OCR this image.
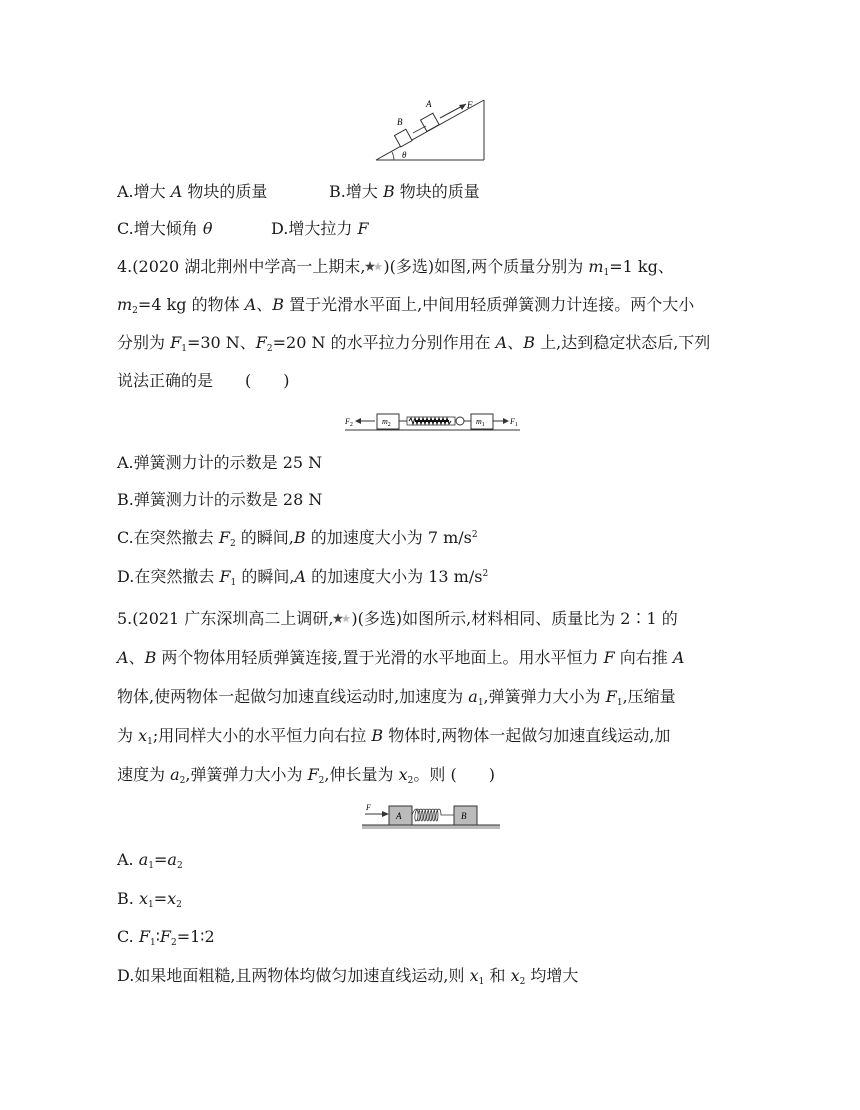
B
A	F
θ
A.增大 A 物块的质量	B.增大 B 物块的质量
C.增大倾角 θ	D.增大拉力 F
4.(2020 湖北荆州中学高一上期末, )(多选)如图,两个质量分别为 $m_1=1$ kg、
$m_2=4$ kg 的物体 A、B 置于光滑水平面上,中间用轻质弹簧测力计连接。两个大小
分别为 $F_1=30$ N、$F_2=20$ N 的水平拉力分别作用在 A、B 上,达到稳定状态后,下列
说法正确的是　　(　　)
$F_2$	$m_2$	$m_1$	$F_1$
A.弹簧测力计的示数是 25 N
B.弹簧测力计的示数是 28 N
C.在突然撤去 $F_2$ 的瞬间,B 的加速度大小为 7 $m/s^2$
D.在突然撤去 $F_1$ 的瞬间,A 的加速度大小为 13 $m/s^2$
5.(2021 广东深圳高二上调研, )(多选)如图所示,材料相同、质量比为 2∶1 的
A、B 两个物体用轻质弹簧连接,置于光滑的水平地面上。用水平恒力 F 向右推 A
物体,使两物体一起做匀加速直线运动时,加速度为 $a_1$,弹簧弹力大小为 $F_1$,压缩量
为 $x_1$;用同样大小的水平恒力向右拉 B 物体时,两物体一起做匀加速直线运动,加
速度为 $a_2$,弹簧弹力大小为 $F_2$,伸长量为 $x_2$。则 (　　)
F
A	B
A. $a_1=a_2$
B. $x_1=x_2$
C. $F_1∶F_2=1∶2$
D.如果地面粗糙,且两物体均做匀加速直线运动,则 $x_1$ 和 $x_2$ 均增大
